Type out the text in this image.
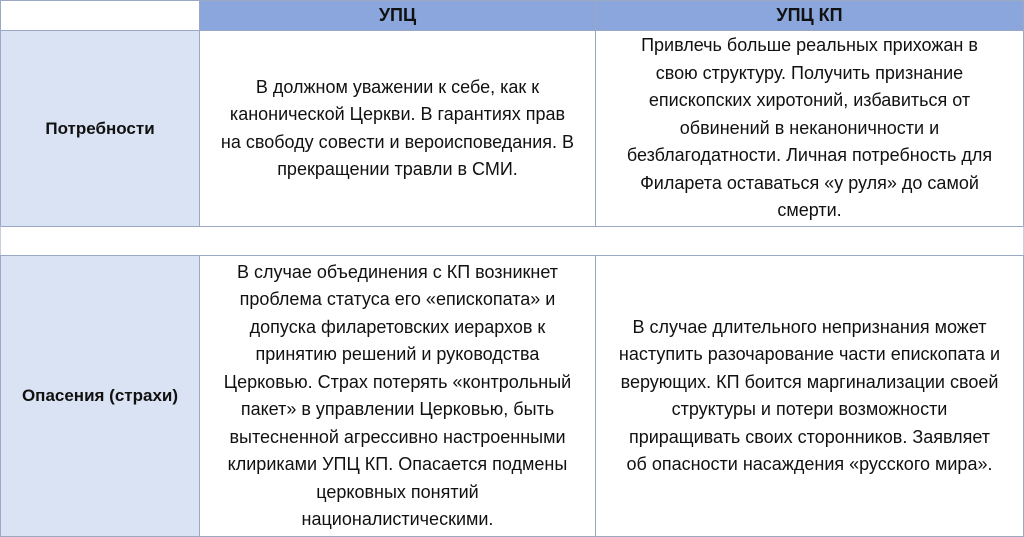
УПЦ	УПЦ КП
Потребности
В должном уважении к себе, как к
канонической Церкви. В гарантиях прав
на свободу совести и вероисповедания. В
прекращении травли в СМИ.
Привлечь больше реальных прихожан в
свою структуру. Получить признание
епископских хиротоний, избавиться от
обвинений в неканоничности и
безблагодатности. Личная потребность для
Филарета оставаться «у руля» до самой
смерти.
Опасения (страхи)
В случае объединения с КП возникнет
проблема статуса его «епископата» и
допуска филаретовских иерархов к
принятию решений и руководства
Церковью. Страх потерять «контрольный
пакет» в управлении Церковью, быть
вытесненной агрессивно настроенными
клириками УПЦ КП. Опасается подмены
церковных понятий
националистическими.
В случае длительного непризнания может
наступить разочарование части епископата и
верующих. КП боится маргинализации своей
структуры и потери возможности
приращивать своих сторонников. Заявляет
об опасности насаждения «русского мира».
